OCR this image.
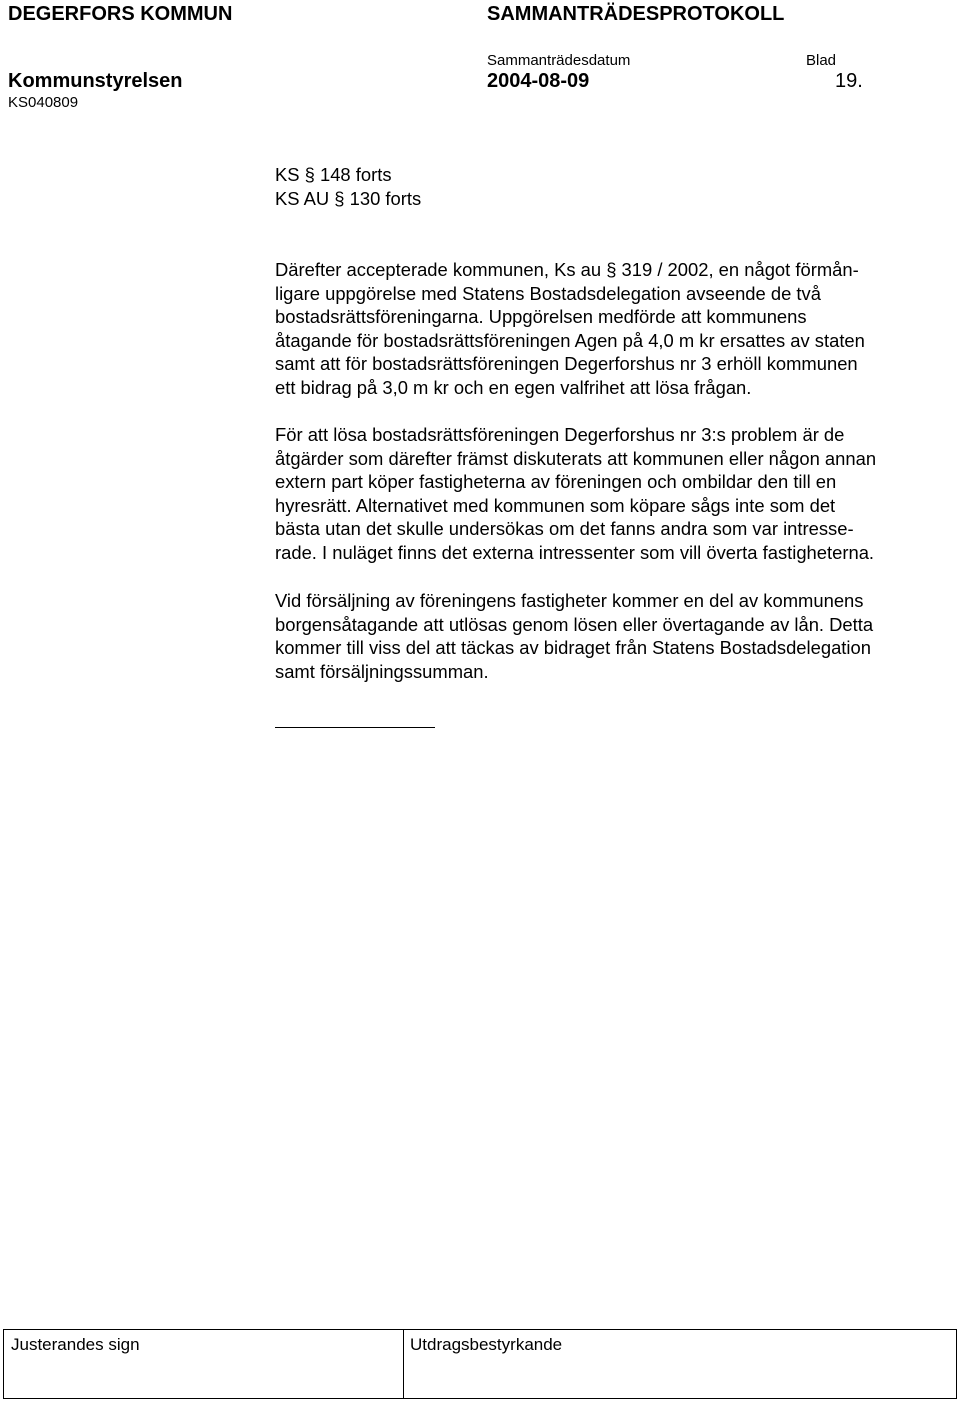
DEGERFORS KOMMUN	SAMMANTRÄDESPROTOKOLL
Sammanträdesdatum	Blad
Kommunstyrelsen	2004-08-09	19.
KS040809
KS § 148 forts
KS AU § 130 forts
Därefter accepterade kommunen, Ks au § 319 / 2002, en något förmån-
ligare uppgörelse med Statens Bostadsdelegation avseende de två
bostadsrättsföreningarna. Uppgörelsen medförde att kommunens
åtagande för bostadsrättsföreningen Agen på 4,0 m kr ersattes av staten
samt att för bostadsrättsföreningen Degerforshus nr 3 erhöll kommunen
ett bidrag på 3,0 m kr och en egen valfrihet att lösa frågan.
För att lösa bostadsrättsföreningen Degerforshus nr 3:s problem är de
åtgärder som därefter främst diskuterats att kommunen eller någon annan
extern part köper fastigheterna av föreningen och ombildar den till en
hyresrätt. Alternativet med kommunen som köpare sågs inte som det
bästa utan det skulle undersökas om det fanns andra som var intresse-
rade. I nuläget finns det externa intressenter som vill överta fastigheterna.
Vid försäljning av föreningens fastigheter kommer en del av kommunens
borgensåtagande att utlösas genom lösen eller övertagande av lån. Detta
kommer till viss del att täckas av bidraget från Statens Bostadsdelegation
samt försäljningssumman.
Justerandes sign	Utdragsbestyrkande
